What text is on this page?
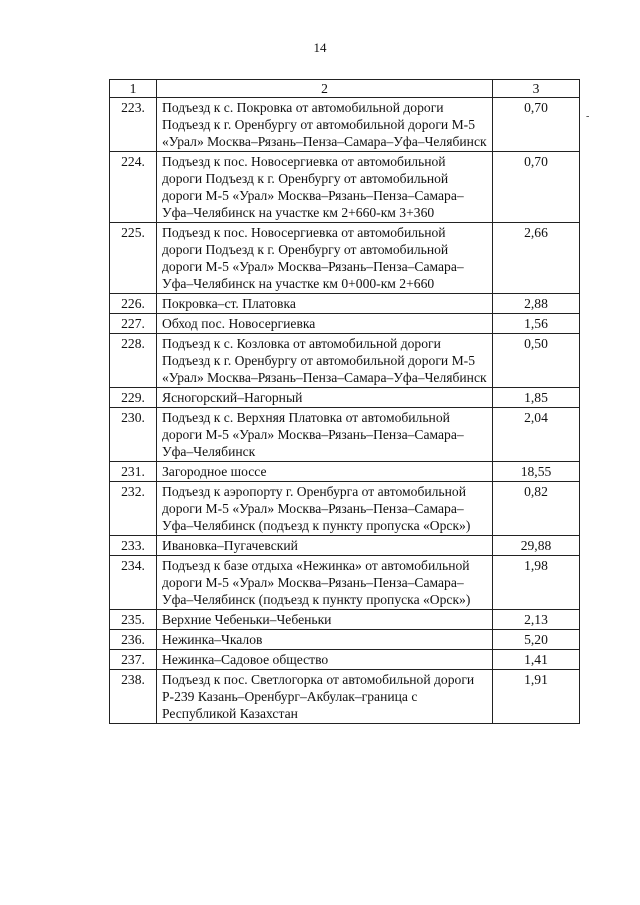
14
-
1	2	3
223.	Подъезд к с. Покровка от автомобильной дороги Подъезд к г. Оренбургу от автомобильной дороги М-5 «Урал» Москва–Рязань–Пенза–Самара–Уфа–Челябинск	0,70
224.	Подъезд к пос. Новосергиевка от автомобильной дороги Подъезд к г. Оренбургу от автомобильной дороги М-5 «Урал» Москва–Рязань–Пенза–Самара–Уфа–Челябинск на участке км 2+660-км 3+360	0,70
225.	Подъезд к пос. Новосергиевка от автомобильной дороги Подъезд к г. Оренбургу от автомобильной дороги М-5 «Урал» Москва–Рязань–Пенза–Самара–Уфа–Челябинск на участке км 0+000-км 2+660	2,66
226.	Покровка–ст. Платовка	2,88
227.	Обход пос. Новосергиевка	1,56
228.	Подъезд к с. Козловка от автомобильной дороги Подъезд к г. Оренбургу от автомобильной дороги М-5 «Урал» Москва–Рязань–Пенза–Самара–Уфа–Челябинск	0,50
229.	Ясногорский–Нагорный	1,85
230.	Подъезд к с. Верхняя Платовка от автомобильной дороги М-5 «Урал» Москва–Рязань–Пенза–Самара–Уфа–Челябинск	2,04
231.	Загородное шоссе	18,55
232.	Подъезд к аэропорту г. Оренбурга от автомобильной дороги М-5 «Урал» Москва–Рязань–Пенза–Самара–Уфа–Челябинск (подъезд к пункту пропуска «Орск»)	0,82
233.	Ивановка–Пугачевский	29,88
234.	Подъезд к базе отдыха «Нежинка» от автомобильной дороги М-5 «Урал» Москва–Рязань–Пенза–Самара–Уфа–Челябинск (подъезд к пункту пропуска «Орск»)	1,98
235.	Верхние Чебеньки–Чебеньки	2,13
236.	Нежинка–Чкалов	5,20
237.	Нежинка–Садовое общество	1,41
238.	Подъезд к пос. Светлогорка от автомобильной дороги Р-239 Казань–Оренбург–Акбулак–граница с Республикой Казахстан	1,91
